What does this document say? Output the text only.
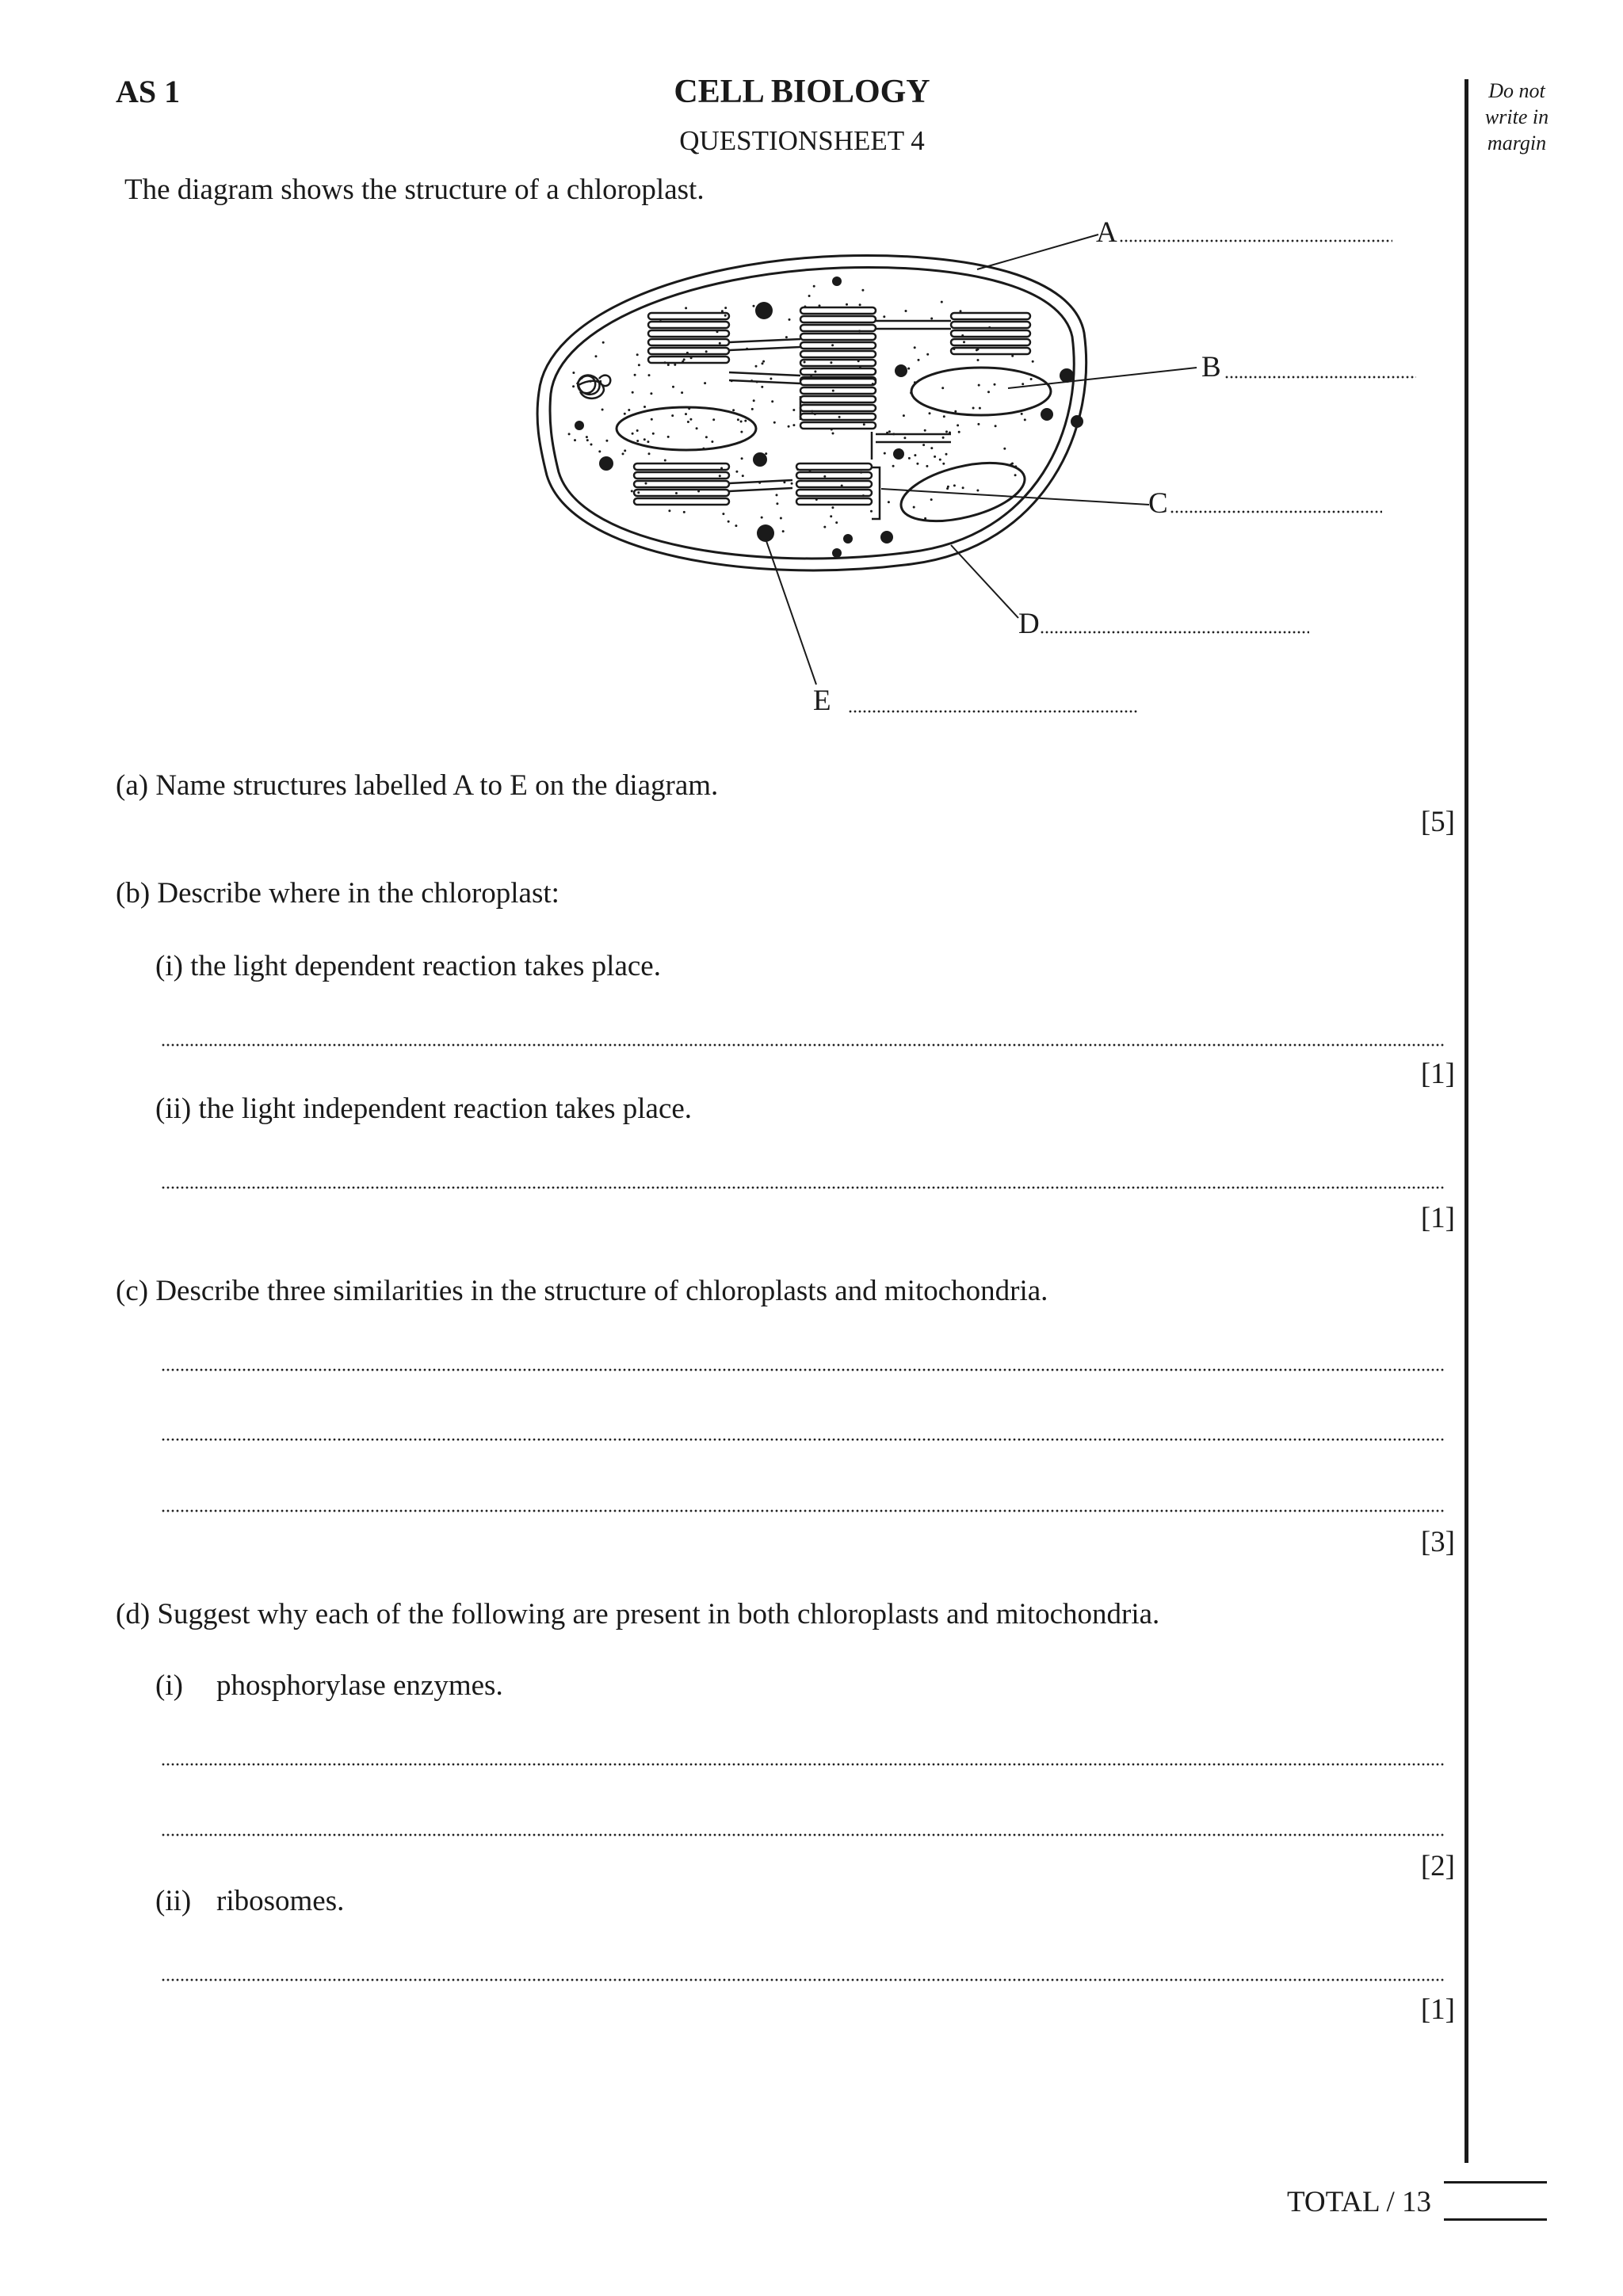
AS 1	CELL BIOLOGY
QUESTIONSHEET 4
Do not write in margin
The diagram shows the structure of a chloroplast.
A
B
C
D
E
(a) Name structures labelled A to E on the diagram.
[5]
(b) Describe where in the chloroplast:
(i) the light dependent reaction takes place.
[1]
(ii) the light independent reaction takes place.
[1]
(c) Describe three similarities in the structure of chloroplasts and mitochondria.
[3]
(d) Suggest why each of the following are present in both chloroplasts and mitochondria.
(i) phosphorylase enzymes.
[2]
(ii) ribosomes.
[1]
TOTAL / 13
